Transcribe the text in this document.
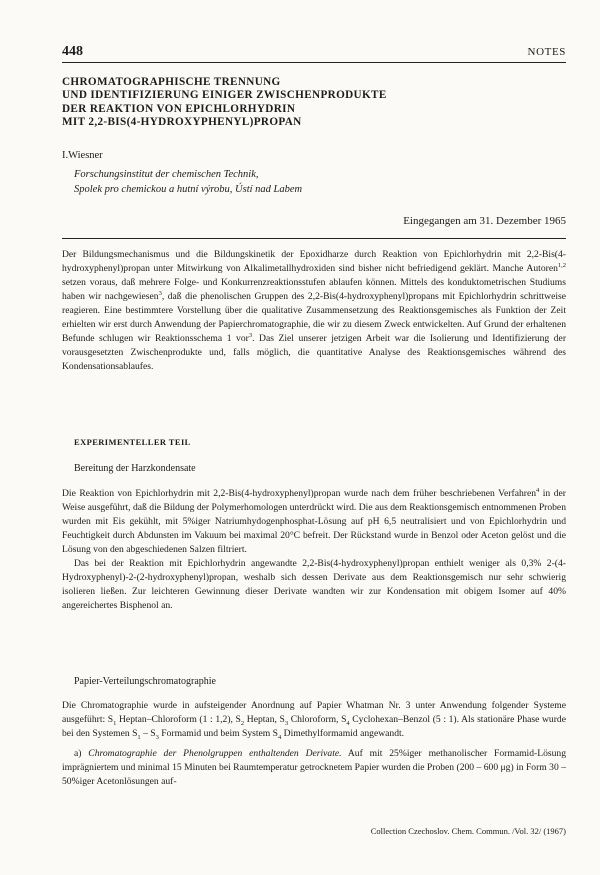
448	NOTES
CHROMATOGRAPHISCHE TRENNUNG
UND IDENTIFIZIERUNG EINIGER ZWISCHENPRODUKTE
DER REAKTION VON EPICHLORHYDRIN
MIT 2,2-BIS(4-HYDROXYPHENYL)PROPAN
I.Wiesner
Forschungsinstitut der chemischen Technik,
Spolek pro chemickou a hutní výrobu, Ústí nad Labem
Eingegangen am 31. Dezember 1965

Der Bildungsmechanismus und die Bildungskinetik der Epoxidharze durch Reaktion von Epichlorhydrin mit 2,2-Bis(4-hydroxyphenyl)propan unter Mitwirkung von Alkalimetallhydroxiden sind bisher nicht befriedigend geklärt. Manche Autoren$^{1,2}$ setzen voraus, daß mehrere Folge- und Konkurrenzreaktionsstufen ablaufen können. Mittels des konduktometrischen Studiums haben wir nachgewiesen$^3$, daß die phenolischen Gruppen des 2,2-Bis(4-hydroxyphenyl)propans mit Epichlorhydrin schrittweise reagieren. Eine bestimmtere Vorstellung über die qualitative Zusammensetzung des Reaktionsgemisches als Funktion der Zeit erhielten wir erst durch Anwendung der Papierchromatographie, die wir zu diesem Zweck entwickelten. Auf Grund der erhaltenen Befunde schlugen wir Reaktionsschema 1 vor$^3$. Das Ziel unserer jetzigen Arbeit war die Isolierung und Identifizierung der vorausgesetzten Zwischenprodukte und, falls möglich, die quantitative Analyse des Reaktionsgemisches während des Kondensationsablaufes.

EXPERIMENTELLER TEIL
Bereitung der Harzkondensate

Die Reaktion von Epichlorhydrin mit 2,2-Bis(4-hydroxyphenyl)propan wurde nach dem früher beschriebenen Verfahren$^4$ in der Weise ausgeführt, daß die Bildung der Polymerhomologen unterdrückt wird. Die aus dem Reaktionsgemisch entnommenen Proben wurden mit Eis gekühlt, mit 5%iger Natriumhydogenphosphat-Lösung auf pH 6,5 neutralisiert und von Epichlorhydrin und Feuchtigkeit durch Abdunsten im Vakuum bei maximal 20°C befreit. Der Rückstand wurde in Benzol oder Aceton gelöst und die Lösung von den abgeschiedenen Salzen filtriert.

Das bei der Reaktion mit Epichlorhydrin angewandte 2,2-Bis(4-hydroxyphenyl)propan enthielt weniger als 0,3% 2-(4-Hydroxyphenyl)-2-(2-hydroxyphenyl)propan, weshalb sich dessen Derivate aus dem Reaktionsgemisch nur sehr schwierig isolieren ließen. Zur leichteren Gewinnung dieser Derivate wandten wir zur Kondensation mit obigem Isomer auf 40% angereichertes Bisphenol an.

Papier-Verteilungschromatographie

Die Chromatographie wurde in aufsteigender Anordnung auf Papier Whatman Nr. 3 unter Anwendung folgender Systeme ausgeführt: $S_1$ Heptan–Chloroform (1 : 1,2), $S_2$ Heptan, $S_3$ Chloroform, $S_4$ Cyclohexan–Benzol (5 : 1). Als stationäre Phase wurde bei den Systemen $S_1 - S_3$ Formamid und beim System $S_4$ Dimethylformamid angewandt.

a) Chromatographie der Phenolgruppen enthaltenden Derivate. Auf mit 25%iger methanolischer Formamid-Lösung imprägniertem und minimal 15 Minuten bei Raumtemperatur getrocknetem Papier wurden die Proben (200 – 600 μg) in Form 30 – 50%iger Acetonlösungen auf-

Collection Czechoslov. Chem. Commun. /Vol. 32/ (1967)
